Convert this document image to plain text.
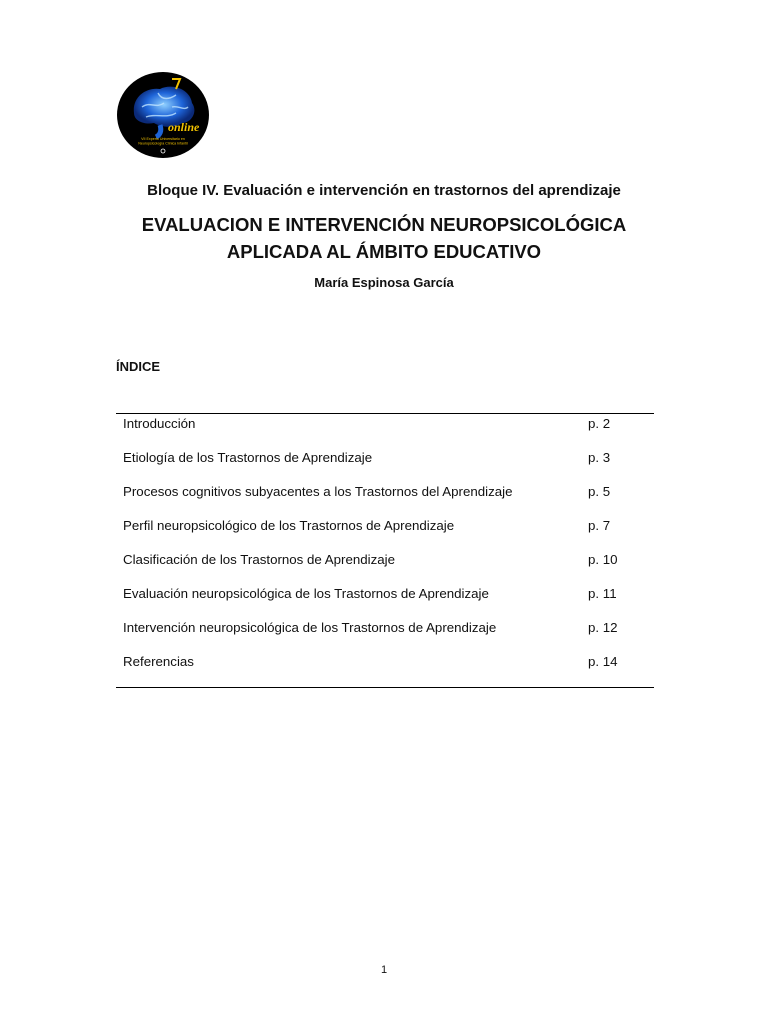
online
VII Experto Universitario en
Neuropsicología Clínica Infantil
Bloque IV. Evaluación e intervención en trastornos del aprendizaje
EVALUACION E INTERVENCIÓN NEUROPSICOLÓGICA
APLICADA AL ÁMBITO EDUCATIVO
María Espinosa García
ÍNDICE
Introducción	p. 2
Etiología de los Trastornos de Aprendizaje	p. 3
Procesos cognitivos subyacentes a los Trastornos del Aprendizaje	p. 5
Perfil neuropsicológico de los Trastornos de Aprendizaje	p. 7
Clasificación de los Trastornos de Aprendizaje	p. 10
Evaluación neuropsicológica de los Trastornos de Aprendizaje	p. 11
Intervención neuropsicológica de los Trastornos de Aprendizaje	p. 12
Referencias	p. 14
1
